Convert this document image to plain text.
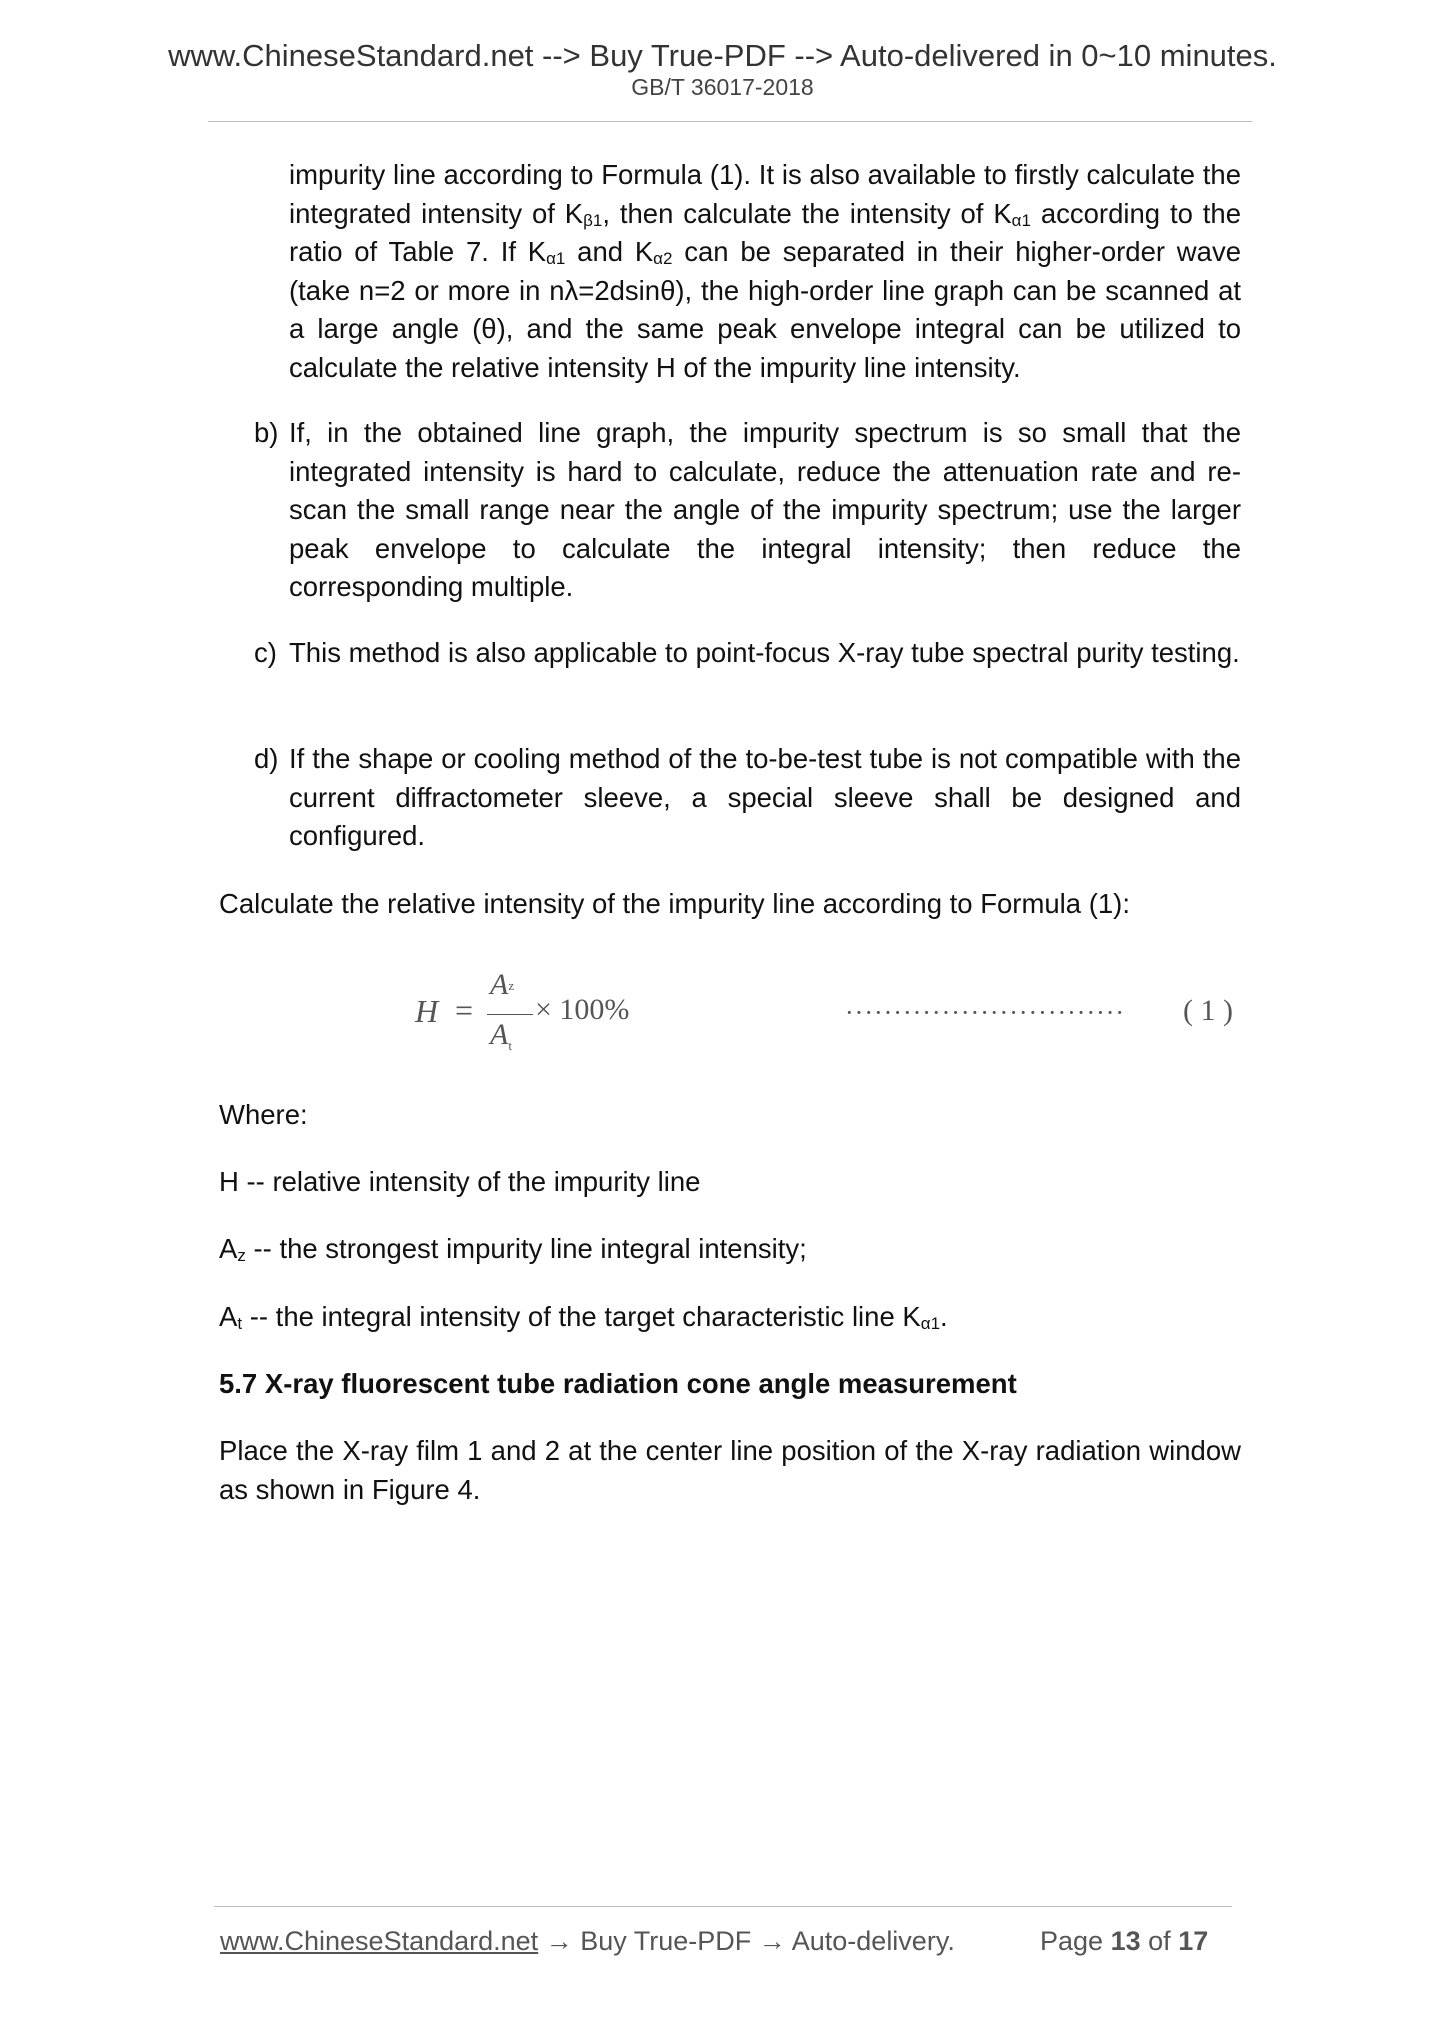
www.ChineseStandard.net --> Buy True-PDF --> Auto-delivered in 0~10 minutes.
GB/T 36017-2018

impurity line according to Formula (1). It is also available to firstly calculate the integrated intensity of $K_{\beta 1}$, then calculate the intensity of $K_{\alpha 1}$ according to the ratio of Table 7. If $K_{\alpha 1}$ and $K_{\alpha 2}$ can be separated in their higher-order wave (take n=2 or more in nλ=2dsinθ), the high-order line graph can be scanned at a large angle (θ), and the same peak envelope integral can be utilized to calculate the relative intensity H of the impurity line intensity.

b) If, in the obtained line graph, the impurity spectrum is so small that the integrated intensity is hard to calculate, reduce the attenuation rate and re-scan the small range near the angle of the impurity spectrum; use the larger peak envelope to calculate the integral intensity; then reduce the corresponding multiple.
c) This method is also applicable to point-focus X-ray tube spectral purity testing.
d) If the shape or cooling method of the to-be-test tube is not compatible with the current diffractometer sleeve, a special sleeve shall be designed and configured.

Calculate the relative intensity of the impurity line according to Formula (1):

H =
Az
$A_t$
× 100%	····························· ( 1 )

Where:

H -- relative intensity of the impurity line

$A_z$ -- the strongest impurity line integral intensity;

$A_t$ -- the integral intensity of the target characteristic line $K_{\alpha 1}$.

5.7 X-ray fluorescent tube radiation cone angle measurement

Place the X-ray film 1 and 2 at the center line position of the X-ray radiation window as shown in Figure 4.

www.ChineseStandard.net → Buy True-PDF → Auto-delivery.	Page 13 of 17
